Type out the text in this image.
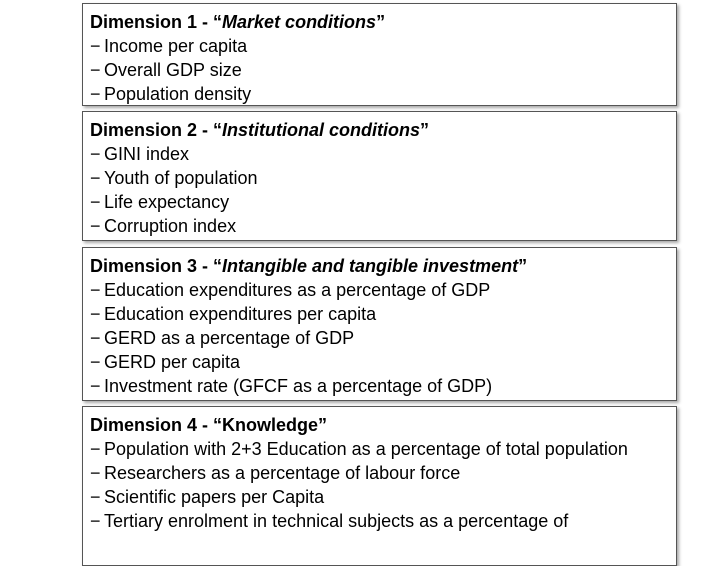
Dimension 1 - “Market conditions”
− Income per capita
− Overall GDP size
− Population density
Dimension 2 - “Institutional conditions”
− GINI index
− Youth of population
− Life expectancy
− Corruption index
Dimension 3 - “Intangible and tangible investment”
− Education expenditures as a percentage of GDP
− Education expenditures per capita
− GERD as a percentage of GDP
− GERD per capita
− Investment rate (GFCF as a percentage of GDP)
Dimension 4 - “Knowledge”
− Population with 2+3 Education as a percentage of total population
− Researchers as a percentage of labour force
− Scientific papers per Capita
− Tertiary enrolment in technical subjects as a percentage of
